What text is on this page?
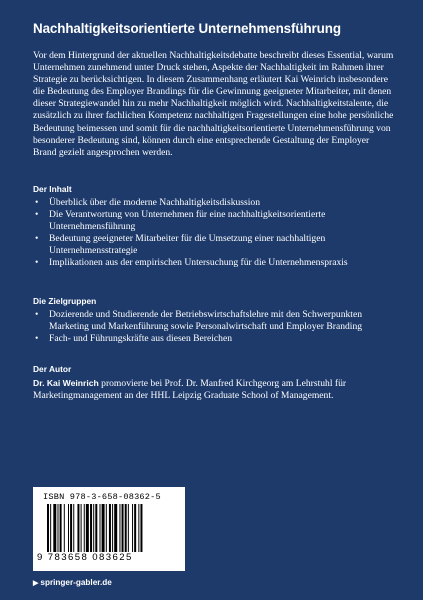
Nachhaltigkeitsorientierte Unternehmensführung

Vor dem Hintergrund der aktuellen Nachhaltigkeitsdebatte beschreibt dieses Essential, warum Unternehmen zunehmend unter Druck stehen, Aspekte der Nachhaltigkeit im Rahmen ihrer Strategie zu berücksichtigen. In diesem Zusammenhang erläutert Kai Weinrich insbesondere die Bedeutung des Employer Brandings für die Gewinnung geeigneter Mitarbeiter, mit denen dieser Strategiewandel hin zu mehr Nachhaltigkeit möglich wird. Nachhaltigkeitstalente, die zusätzlich zu ihrer fachlichen Kompetenz nachhaltigen Fragestellungen eine hohe persönliche Bedeutung beimessen und somit für die nachhaltigkeitsorientierte Unternehmensführung von besonderer Bedeutung sind, können durch eine entsprechende Gestaltung der Employer Brand gezielt angesprochen werden.

Der Inhalt
• Überblick über die moderne Nachhaltigkeitsdiskussion
• Die Verantwortung von Unternehmen für eine nachhaltigkeitsorientierte Unternehmensführung
• Bedeutung geeigneter Mitarbeiter für die Umsetzung einer nachhaltigen Unternehmensstrategie
• Implikationen aus der empirischen Untersuchung für die Unternehmenspraxis
Die Zielgruppen
• Dozierende und Studierende der Betriebswirtschaftslehre mit den Schwerpunkten Marketing und Markenführung sowie Personalwirtschaft und Employer Branding
• Fach- und Führungskräfte aus diesen Bereichen
Der Autor

Dr. Kai Weinrich promovierte bei Prof. Dr. Manfred Kirchgeorg am Lehrstuhl für Marketingmanagement an der HHL Leipzig Graduate School of Management.

ISBN 978-3-658-08362-5
9 783658 083625
▶ springer-gabler.de
